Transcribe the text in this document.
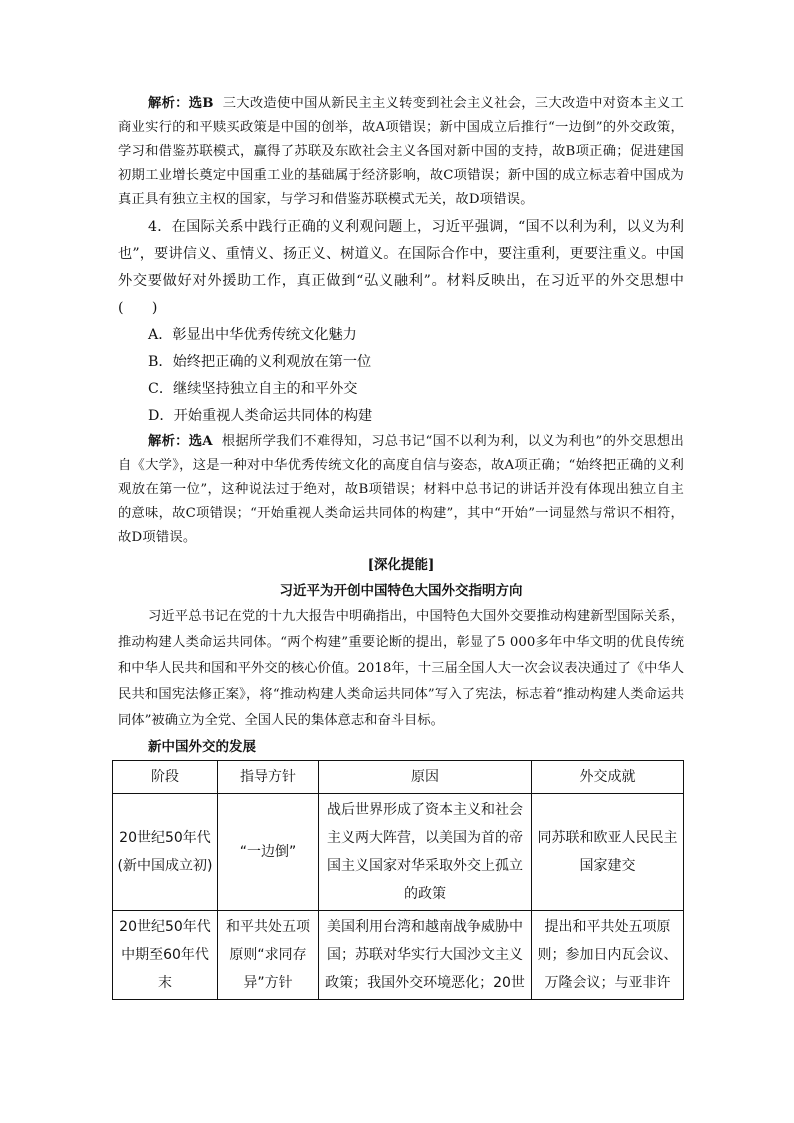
解析：选B 三大改造使中国从新民主主义转变到社会主义社会，三大改造中对资本主义工商业实行的和平赎买政策是中国的创举，故A项错误；新中国成立后推行“一边倒”的外交政策，学习和借鉴苏联模式，赢得了苏联及东欧社会主义各国对新中国的支持，故B项正确；促进建国初期工业增长奠定中国重工业的基础属于经济影响，故C项错误；新中国的成立标志着中国成为真正具有独立主权的国家，与学习和借鉴苏联模式无关，故D项错误。

4．在国际关系中践行正确的义利观问题上，习近平强调，“国不以利为利，以义为利也”，要讲信义、重情义、扬正义、树道义。在国际合作中，要注重利，更要注重义。中国外交要做好对外援助工作，真正做到“弘义融利”。材料反映出，在习近平的外交思想中(　　)

A．彰显出中华优秀传统文化魅力

B．始终把正确的义利观放在第一位

C．继续坚持独立自主的和平外交

D．开始重视人类命运共同体的构建

解析：选A 根据所学我们不难得知，习总书记“国不以利为利，以义为利也”的外交思想出自《大学》，这是一种对中华优秀传统文化的高度自信与姿态，故A项正确；“始终把正确的义利观放在第一位”，这种说法过于绝对，故B项错误；材料中总书记的讲话并没有体现出独立自主的意味，故C项错误；“开始重视人类命运共同体的构建”，其中“开始”一词显然与常识不相符，故D项错误。

[深化提能]

习近平为开创中国特色大国外交指明方向

习近平总书记在党的十九大报告中明确指出，中国特色大国外交要推动构建新型国际关系，推动构建人类命运共同体。“两个构建”重要论断的提出，彰显了5 000多年中华文明的优良传统和中华人民共和国和平外交的核心价值。2018年，十三届全国人大一次会议表决通过了《中华人民共和国宪法修正案》，将“推动构建人类命运共同体”写入了宪法，标志着“推动构建人类命运共同体”被确立为全党、全国人民的集体意志和奋斗目标。

新中国外交的发展

阶段	指导方针	原因	外交成就
20世纪50年代(新中国成立初)	“一边倒”	战后世界形成了资本主义和社会主义两大阵营，以美国为首的帝国主义国家对华采取外交上孤立的政策	同苏联和欧亚人民民主国家建交
20世纪50年代中期至60年代末	和平共处五项原则“求同存异”方针	美国利用台湾和越南战争威胁中国；苏联对华实行大国沙文主义政策；我国外交环境恶化；20世	提出和平共处五项原则；参加日内瓦会议、万隆会议；与亚非许
